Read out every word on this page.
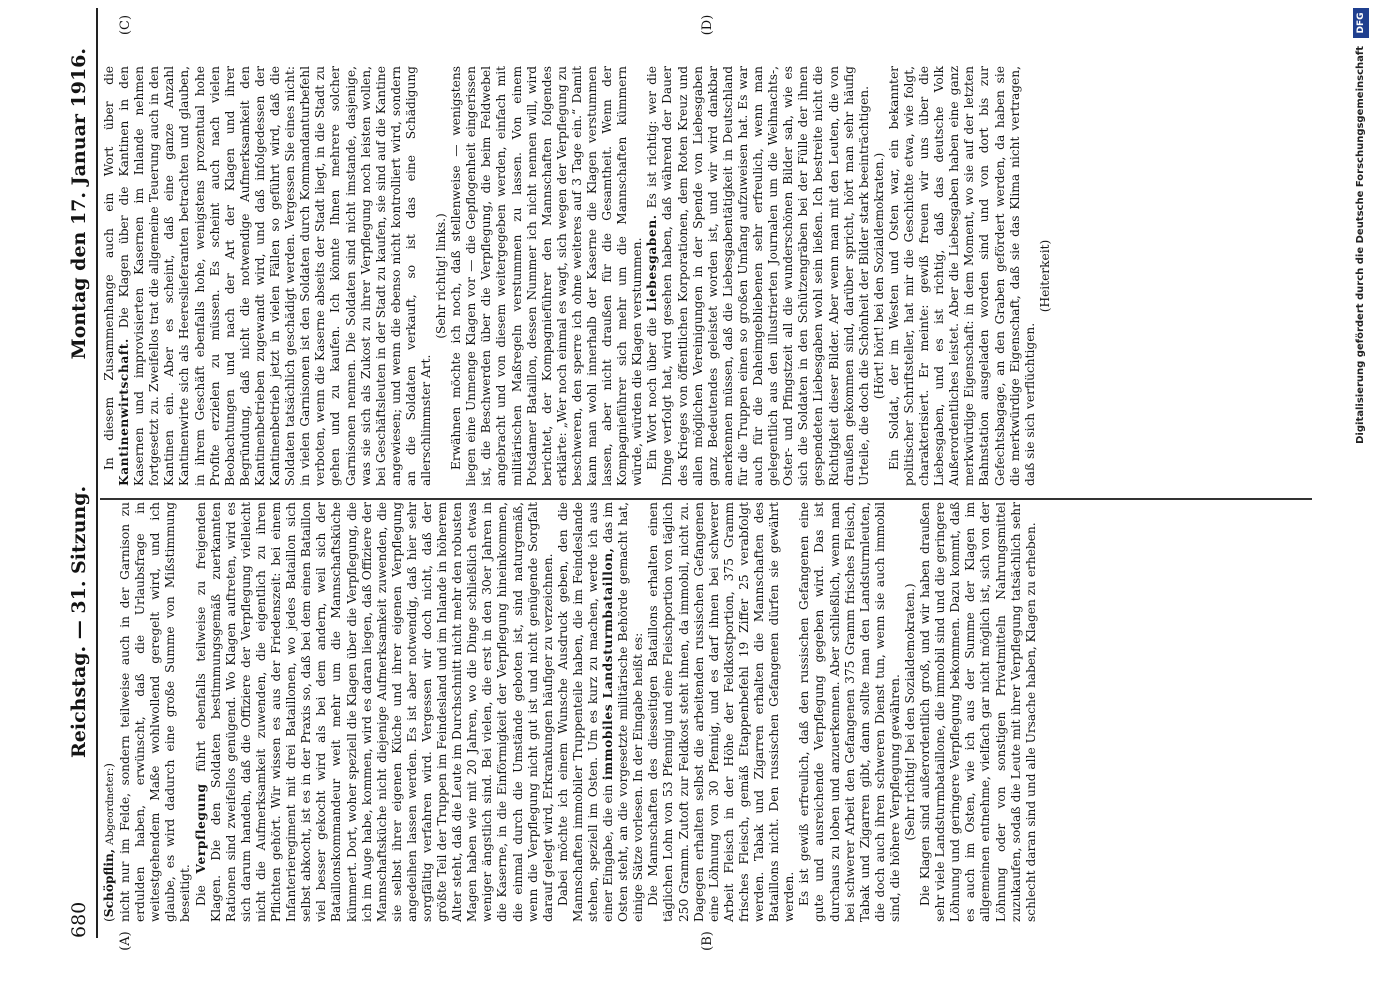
680
Reichstag. — 31. Sitzung.
Montag den 17. Januar 1916.
(A)	(B)
(C)	(D)

(Schöpflin, Abgeordneter:) nicht nur im Felde, sondern teilweise auch in der Garnison zu erdulden haben, erwünscht, daß die Urlaubsfrage in weitestgehendem Maße wohlwollend geregelt wird, und ich glaube, es wird dadurch eine große Summe von Mißstimmung beseitigt. Die Verpflegung führt ebenfalls teilweise zu freigenden Klagen. Die den Soldaten bestimmungsgemäß zuerkannten Rationen sind zweifellos genügend. Wo Klagen auftreten, wird es sich darum handeln, daß die Offiziere der Verpflegung vielleicht nicht die Aufmerksamkeit zuwenden, die eigentlich zu ihren Pflichten gehört. Wir wissen es aus der Friedenszeit: bei einem Infanterieregiment mit drei Bataillonen, wo jedes Bataillon sich selbst abkocht, ist es in der Praxis so, daß bei dem einen Bataillon viel besser gekocht wird als bei dem andern, weil sich der Bataillonskommandeur weit mehr um die Mannschaftsküche kümmert. Dort, woher speziell die Klagen über die Verpflegung, die ich im Auge habe, kommen, wird es daran liegen, daß Offiziere der Mannschaftsküche nicht diejenige Aufmerksamkeit zuwenden, die sie selbst ihrer eigenen Küche und ihrer eigenen Verpflegung angedeihen lassen werden. Es ist aber notwendig, daß hier sehr sorgfältig verfahren wird. Vergessen wir doch nicht, daß der größte Teil der Truppen im Feindesland und im Inlande in höherem Alter steht, daß die Leute im Durchschnitt nicht mehr den robusten Magen haben wie mit 20 Jahren, wo die Dinge schließlich etwas weniger ängstlich sind. Bei vielen, die erst in den 30er Jahren in die Kaserne, in die Einförmigkeit der Verpflegung hineinkommen, die einmal durch die Umstände geboten ist, sind naturgemäß, wenn die Verpflegung nicht gut ist und nicht genügende Sorgfalt darauf gelegt wird, Erkrankungen häufiger zu verzeichnen. Dabei möchte ich einem Wunsche Ausdruck geben, den die Mannschaften immobiler Truppenteile haben, die im Feindeslande stehen, speziell im Osten. Um es kurz zu machen, werde ich aus einer Eingabe, die ein immobiles Landsturmbataillon, das im Osten steht, an die vorgesetzte militärische Behörde gemacht hat, einige Sätze vorlesen. In der Eingabe heißt es: Die Mannschaften des diesseitigen Bataillons erhalten einen täglichen Lohn von 53 Pfennig und eine Fleischportion von täglich 250 Gramm. Zutoft zur Feldkost steht ihnen, da immobil, nicht zu. Dagegen erhalten selbst die arbeitenden russischen Gefangenen eine Löhnung von 30 Pfennig, und es darf ihnen bei schwerer Arbeit Fleisch in der Höhe der Feldkostportion, 375 Gramm frisches Fleisch, gemäß Etappenbefehl 19 Ziffer 25 verabfolgt werden. Tabak und Zigarren erhalten die Mannschaften des Bataillons nicht. Den russischen Gefangenen dürfen sie gewährt werden. Es ist gewiß erfreulich, daß den russischen Gefangenen eine gute und ausreichende Verpflegung gegeben wird. Das ist durchaus zu loben und anzuerkennen. Aber schließlich, wenn man bei schwerer Arbeit den Gefangenen 375 Gramm frisches Fleisch, Tabak und Zigarren gibt, dann sollte man den Landsturmleuten, die doch auch ihren schweren Dienst tun, wenn sie auch immobil sind, die höhere Verpflegung gewähren. (Sehr richtig! bei den Sozialdemokraten.) Die Klagen sind außerordentlich groß, und wir haben draußen sehr viele Landsturmbataillone, die immobil sind und die geringere Löhnung und geringere Verpflegung bekommen. Dazu kommt, daß es auch im Osten, wie ich aus der Summe der Klagen im allgemeinen entnehme, vielfach gar nicht möglich ist, sich von der Löhnung oder von sonstigen Privatmitteln Nahrungsmittel zuzukaufen, sodaß die Leute mit ihrer Verpflegung tatsächlich sehr schlecht daran sind und alle Ursache haben, Klagen zu erheben.

In diesem Zusammenhange auch ein Wort über die Kantinenwirtschaft. Die Klagen über die Kantinen in den Kasernen und improvisierten Kasernen im Inlande nehmen fortgesetzt zu. Zweifellos trat die allgemeine Teuerung auch in den Kantinen ein. Aber es scheint, daß eine ganze Anzahl Kantinenwirte sich als Heereslieferanten betrachten und glauben, in ihrem Geschäft ebenfalls hohe, wenigstens prozentual hohe Profite erzielen zu müssen. Es scheint auch nach vielen Beobachtungen und nach der Art der Klagen und ihrer Begründung, daß nicht die notwendige Aufmerksamkeit den Kantinenbetrieben zugewandt wird, und daß infolgedessen der Kantinenbetrieb jetzt in vielen Fällen so geführt wird, daß die Soldaten tatsächlich geschädigt werden. Vergessen Sie eines nicht: in vielen Garnisonen ist den Soldaten durch Kommandanturbefehl verboten, wenn die Kaserne abseits der Stadt liegt, in die Stadt zu gehen und zu kaufen. Ich könnte Ihnen mehrere solcher Garnisonen nennen. Die Soldaten sind nicht imstande, dasjenige, was sie sich als Zukost zu ihrer Verpflegung noch leisten wollen, bei Geschäftsleuten in der Stadt zu kaufen, sie sind auf die Kantine angewiesen; und wenn die ebenso nicht kontrolliert wird, sondern an die Soldaten verkauft, so ist das eine Schädigung allerschlimmster Art.

(Sehr richtig! links.) Erwähnen möchte ich noch, daß stellenweise — wenigstens liegen eine Unmenge Klagen vor — die Gepflogenheit eingerissen ist, die Beschwerden über die Verpflegung, die beim Feldwebel angebracht und von diesem weitergegeben werden, einfach mit militärischen Maßregeln verstummen zu lassen. Von einem Potsdamer Bataillon, dessen Nummer ich nicht nennen will, wird berichtet, der Kompagnieführer den Mannschaften folgendes erklärte: „Wer noch einmal es wagt, sich wegen der Verpflegung zu beschweren, den sperre ich ohne weiteres auf 3 Tage ein.“ Damit kann man wohl innerhalb der Kaserne die Klagen verstummen lassen, aber nicht draußen für die Gesamtheit. Wenn der Kompagnieführer sich mehr um die Mannschaften kümmern würde, würden die Klagen verstummen. Ein Wort noch über die Liebesgaben. Es ist richtig: wer die Dinge verfolgt hat, wird gesehen haben, daß während der Dauer des Krieges von öffentlichen Korporationen, dem Roten Kreuz und allen möglichen Vereinigungen in der Spende von Liebesgaben ganz Bedeutendes geleistet worden ist, und wir wird dankbar anerkennen müssen, daß die Liebesgabentätigkeit in Deutschland für die Truppen einen so großen Umfang aufzuweisen hat. Es war auch für die Daheimgebliebenen sehr erfreulich, wenn man gelegentlich aus den illustrierten Journalen um die Weihnachts-, Oster- und Pfingstzeit all die wunderschönen Bilder sah, wie es sich die Soldaten in den Schützengräben bei der Fülle der ihnen gespendeten Liebesgaben wohl sein ließen. Ich bestreite nicht die Richtigkeit dieser Bilder. Aber wenn man mit den Leuten, die von draußen gekommen sind, darüber spricht, hört man sehr häufig Urteile, die doch die Schönheit der Bilder stark beeinträchtigen. (Hört! hört! bei den Sozialdemokraten.) Ein Soldat, der im Westen und Osten war, ein bekannter politischer Schriftsteller, hat mir die Geschichte etwa, wie folgt, charakterisiert. Er meinte: gewiß freuen wir uns über die Liebesgaben, und es ist richtig, daß das deutsche Volk Außerordentliches leistet. Aber die Liebesgaben haben eine ganz merkwürdige Eigenschaft: in dem Moment, wo sie auf der letzten Bahnstation ausgeladen worden sind und von dort bis zur Gefechtsbagage, an den Graben gefördert werden, da haben sie die merkwürdige Eigenschaft, daß sie das Klima nicht vertragen, daß sie sich verflüchtigen.

(Heiterkeit)	Digitalisierung gefördert durch die Deutsche Forschungsgemeinschaft
DFG
